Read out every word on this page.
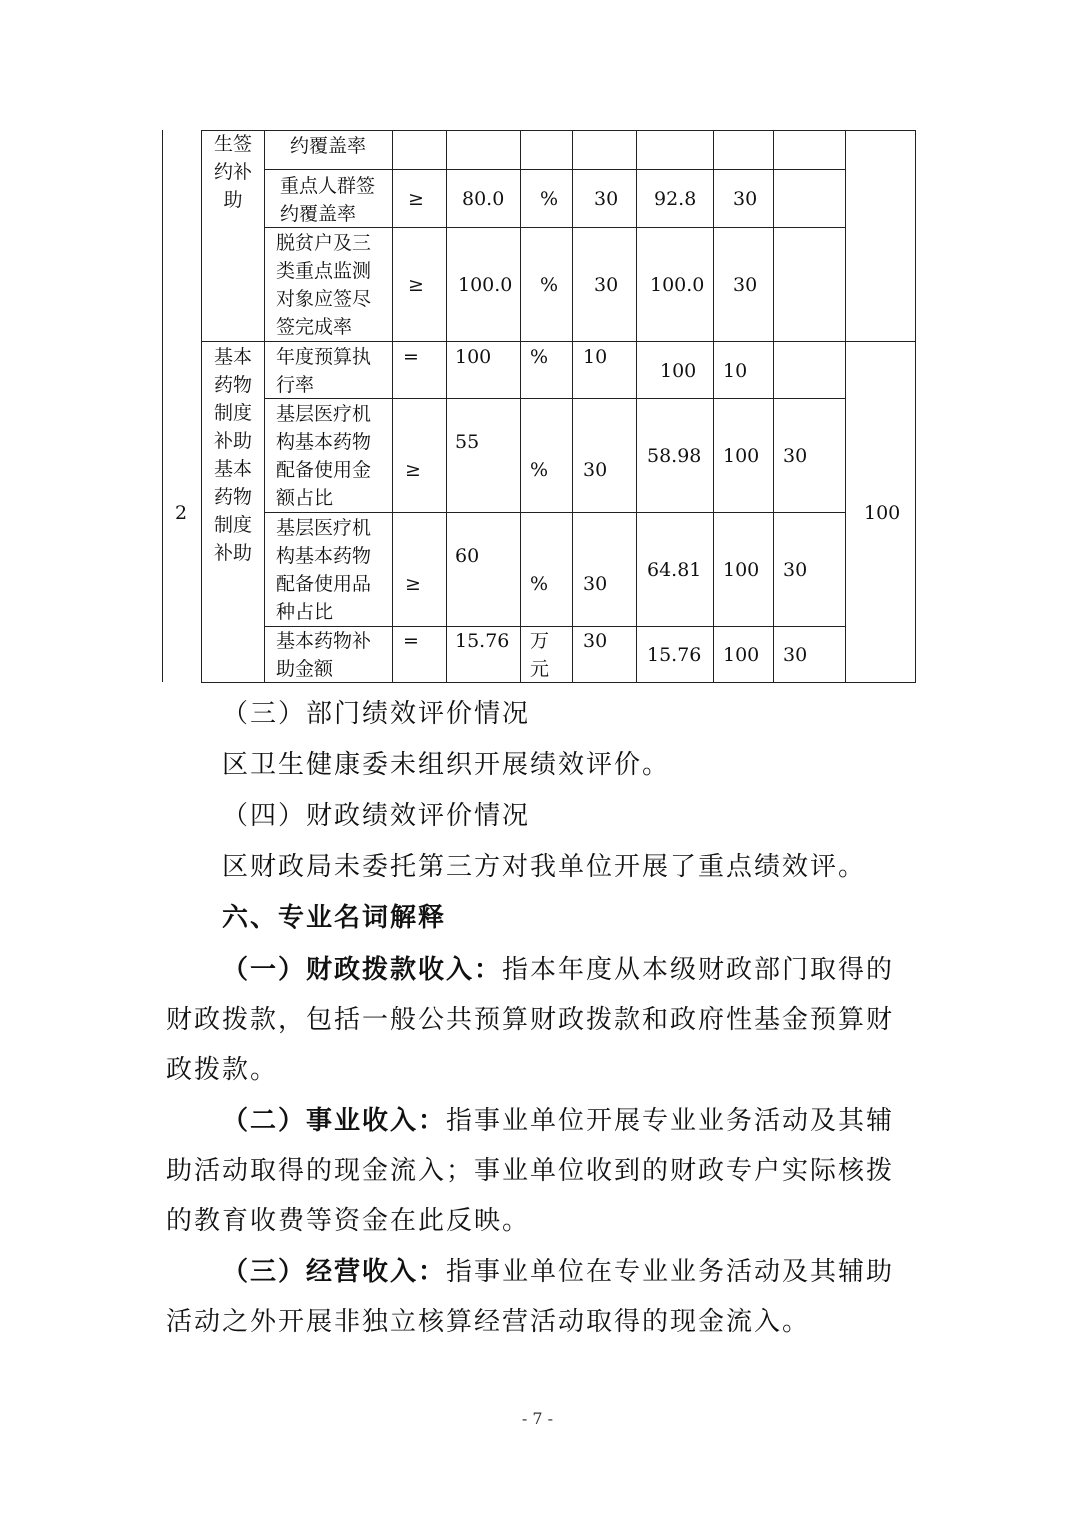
生签
约补
助
约覆盖率
重点人群签
约覆盖率
≥ 80.0 % 30 92.8 30
脱贫户及三
类重点监测
对象应签尽
签完成率
≥ 100.0 % 30 100.0 30
2
基本
药物
制度
补助
基本
药物
制度
补助
100
年度预算执
行率
= 100 % 10
100 10
基层医疗机
构基本药物
配备使用金
额占比
≥
55
% 30
58.98 100 30
基层医疗机
构基本药物
配备使用品
种占比
≥
60
% 30
64.81 100 30
基本药物补
助金额
= 15.76 万
元
30
15.76 100 30
（三）部门绩效评价情况
区卫生健康委未组织开展绩效评价。
（四）财政绩效评价情况
区财政局未委托第三方对我单位开展了重点绩效评。
六、专业名词解释
（一）财政拨款收入：指本年度从本级财政部门取得的
财政拨款，包括一般公共预算财政拨款和政府性基金预算财
政拨款。
（二）事业收入：指事业单位开展专业业务活动及其辅
助活动取得的现金流入；事业单位收到的财政专户实际核拨
的教育收费等资金在此反映。
（三）经营收入：指事业单位在专业业务活动及其辅助
活动之外开展非独立核算经营活动取得的现金流入。
- 7 -
